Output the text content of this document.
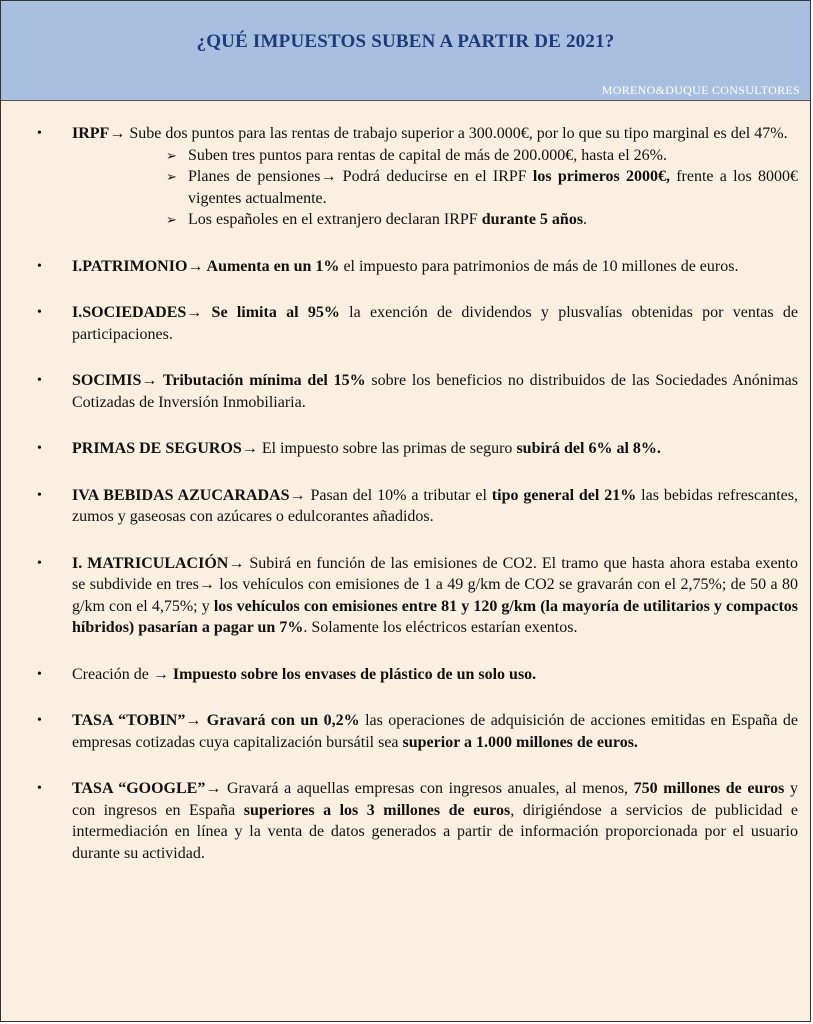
¿QUÉ IMPUESTOS SUBEN A PARTIR DE 2021?
MORENO&DUQUE CONSULTORES
• IRPF→ Sube dos puntos para las rentas de trabajo superior a 300.000€, por lo que su tipo marginal es del 47%.
➢ Suben tres puntos para rentas de capital de más de 200.000€, hasta el 26%.
➢ Planes de pensiones→ Podrá deducirse en el IRPF los primeros 2000€, frente a los 8000€ vigentes actualmente.
➢ Los españoles en el extranjero declaran IRPF durante 5 años.
• I.PATRIMONIO→ Aumenta en un 1% el impuesto para patrimonios de más de 10 millones de euros.
• I.SOCIEDADES→ Se limita al 95% la exención de dividendos y plusvalías obtenidas por ventas de participaciones.
• SOCIMIS→ Tributación mínima del 15% sobre los beneficios no distribuidos de las Sociedades Anónimas Cotizadas de Inversión Inmobiliaria.
• PRIMAS DE SEGUROS→ El impuesto sobre las primas de seguro subirá del 6% al 8%.
• IVA BEBIDAS AZUCARADAS→ Pasan del 10% a tributar el tipo general del 21% las bebidas refrescantes, zumos y gaseosas con azúcares o edulcorantes añadidos.
• I. MATRICULACIÓN→ Subirá en función de las emisiones de CO2. El tramo que hasta ahora estaba exento se subdivide en tres→ los vehículos con emisiones de 1 a 49 g/km de CO2 se gravarán con el 2,75%; de 50 a 80 g/km con el 4,75%; y los vehículos con emisiones entre 81 y 120 g/km (la mayoría de utilitarios y compactos híbridos) pasarían a pagar un 7%. Solamente los eléctricos estarían exentos.
• Creación de → Impuesto sobre los envases de plástico de un solo uso.
• TASA “TOBIN”→ Gravará con un 0,2% las operaciones de adquisición de acciones emitidas en España de empresas cotizadas cuya capitalización bursátil sea superior a 1.000 millones de euros.
• TASA “GOOGLE”→ Gravará a aquellas empresas con ingresos anuales, al menos, 750 millones de euros y con ingresos en España superiores a los 3 millones de euros, dirigiéndose a servicios de publicidad e intermediación en línea y la venta de datos generados a partir de información proporcionada por el usuario durante su actividad.
